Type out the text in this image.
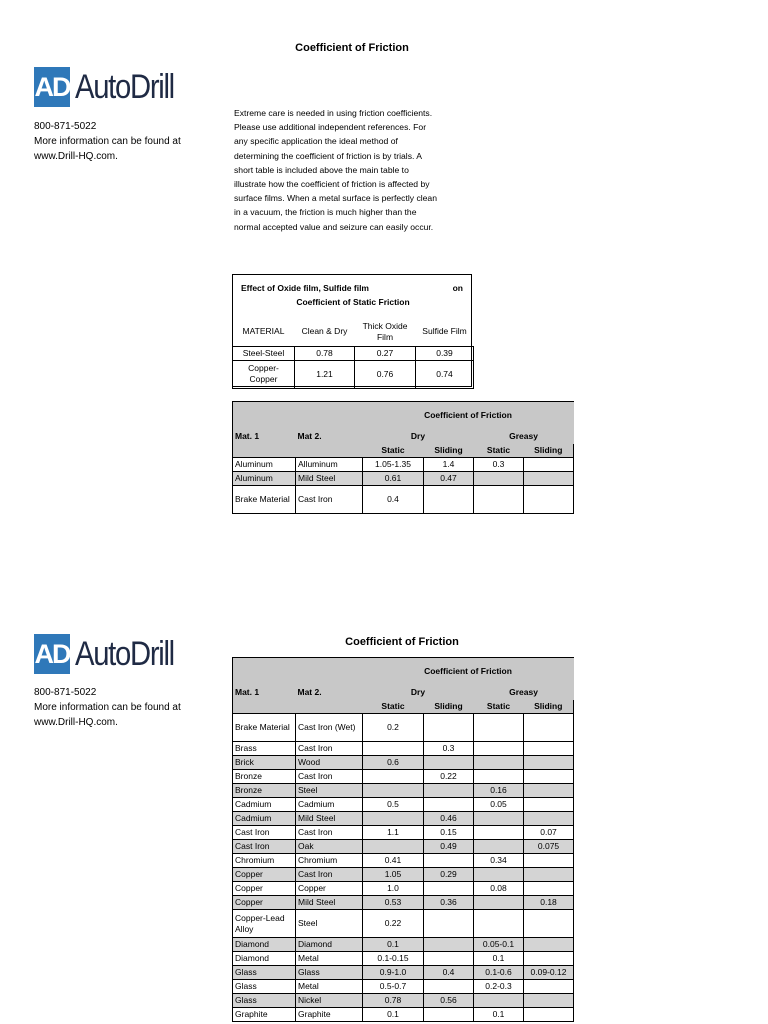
Coefficient of Friction
AD AutoDrill
800-871-5022
More information can be found at
www.Drill-HQ.com.
Extreme care is needed in using friction coefficients.
Please use additional independent references. For
any specific application the ideal method of
determining the coefficient of friction is by trials. A
short table is included above the main table to
illustrate how the coefficient of friction is affected by
surface films. When a metal surface is perfectly clean
in a vacuum, the friction is much higher than the
normal accepted value and seizure can easily occur.
Effect of Oxide film, Sulfide film	on
Coefficient of Static Friction
MATERIAL	Clean & Dry	Thick Oxide Film	Sulfide Film
Steel-Steel	0.78	0.27	0.39
Copper-Copper	1.21	0.76	0.74
		Coefficient of Friction			
Mat. 1	Mat 2.	Dry		Greasy	
		Static	Sliding	Static	Sliding
Aluminum	Alluminum	1.05-1.35	1.4	0.3	
Aluminum	Mild Steel	0.61	0.47		
Brake Material	Cast Iron	0.4			
Coefficient of Friction
AD AutoDrill
800-871-5022
More information can be found at
www.Drill-HQ.com.
		Coefficient of Friction			
Mat. 1	Mat 2.	Dry		Greasy	
		Static	Sliding	Static	Sliding
Brake Material	Cast Iron (Wet)	0.2			
Brass	Cast Iron		0.3		
Brick	Wood	0.6			
Bronze	Cast Iron		0.22		
Bronze	Steel			0.16	
Cadmium	Cadmium	0.5		0.05	
Cadmium	Mild Steel		0.46		
Cast Iron	Cast Iron	1.1	0.15		0.07
Cast Iron	Oak		0.49		0.075
Chromium	Chromium	0.41		0.34	
Copper	Cast Iron	1.05	0.29		
Copper	Copper	1.0		0.08	
Copper	Mild Steel	0.53	0.36		0.18
Copper-Lead Alloy	Steel	0.22			
Diamond	Diamond	0.1		0.05-0.1	
Diamond	Metal	0.1-0.15		0.1	
Glass	Glass	0.9-1.0	0.4	0.1-0.6	0.09-0.12
Glass	Metal	0.5-0.7		0.2-0.3	
Glass	Nickel	0.78	0.56		
Graphite	Graphite	0.1		0.1	
